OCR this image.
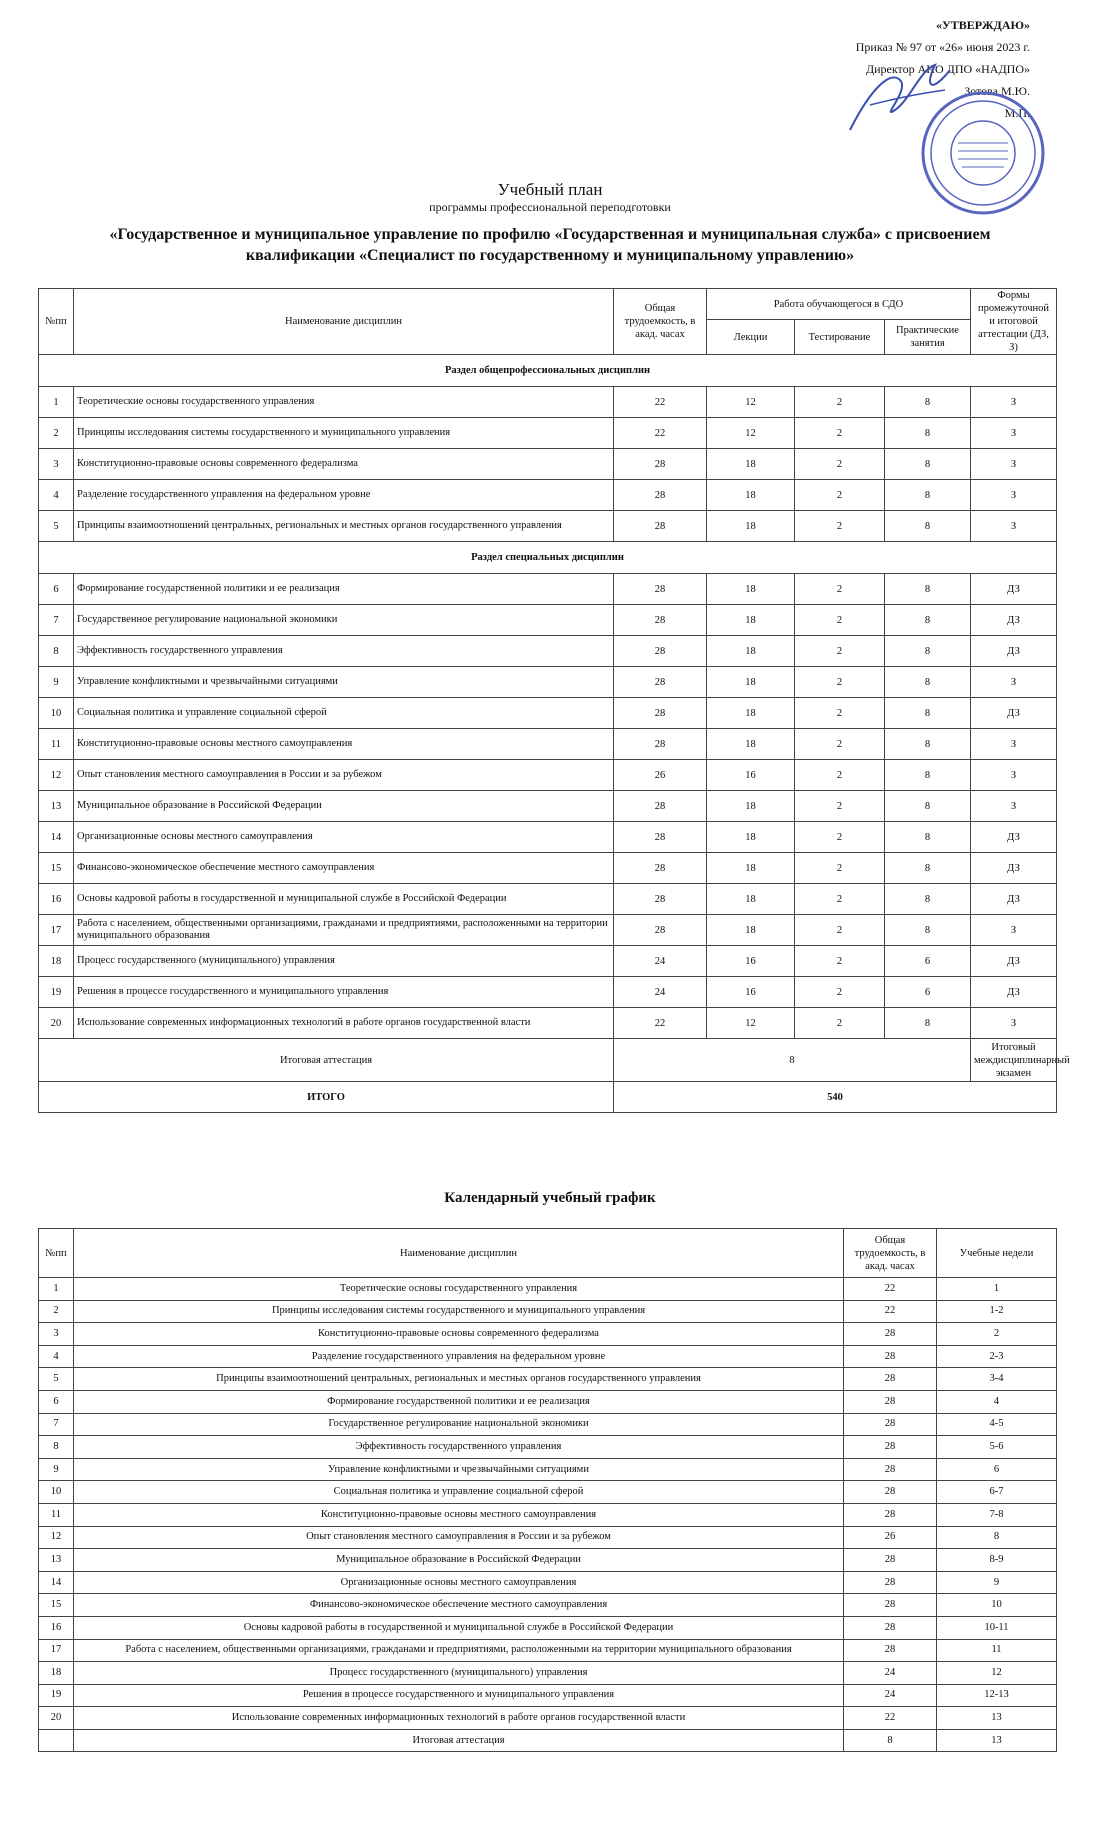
«УТВЕРЖДАЮ»
Приказ № 97 от «26» июня 2023 г.
Директор АНО ДПО «НАДПО»
Зотова М.Ю.
М.П.
Учебный план
программы профессиональной переподготовки
«Государственное и муниципальное управление по профилю «Государственная и муниципальная служба» с присвоением квалификации «Специалист по государственному и муниципальному управлению»
№пп	Наименование дисциплин	Общая трудоемкость, в акад. часах	Работа обучающегося в СДО			Формы промежуточной и итоговой аттестации (ДЗ, З)
			Лекции	Тестирование	Практические занятия	
Раздел общепрофессиональных дисциплин						
1	Теоретические основы государственного управления	22	12	2	8	З
2	Принципы исследования системы государственного и муниципального управления	22	12	2	8	З
3	Конституционно-правовые основы современного федерализма	28	18	2	8	З
4	Разделение государственного управления на федеральном уровне	28	18	2	8	З
5	Принципы взаимоотношений центральных, региональных и местных органов государственного управления	28	18	2	8	З
Раздел специальных дисциплин						
6	Формирование государственной политики и ее реализация	28	18	2	8	ДЗ
7	Государственное регулирование национальной экономики	28	18	2	8	ДЗ
8	Эффективность государственного управления	28	18	2	8	ДЗ
9	Управление конфликтными и чрезвычайными ситуациями	28	18	2	8	З
10	Социальная политика и управление социальной сферой	28	18	2	8	ДЗ
11	Конституционно-правовые основы местного самоуправления	28	18	2	8	З
12	Опыт становления местного самоуправления в России и за рубежом	26	16	2	8	З
13	Муниципальное образование в Российской Федерации	28	18	2	8	З
14	Организационные основы местного самоуправления	28	18	2	8	ДЗ
15	Финансово-экономическое обеспечение местного самоуправления	28	18	2	8	ДЗ
16	Основы кадровой работы в государственной и муниципальной службе в Российской Федерации	28	18	2	8	ДЗ
17	Работа с населением, общественными организациями, гражданами и предприятиями, расположенными на территории муниципального образования	28	18	2	8	З
18	Процесс государственного (муниципального) управления	24	16	2	6	ДЗ
19	Решения в процессе государственного и муниципального управления	24	16	2	6	ДЗ
20	Использование современных информационных технологий в работе органов государственной власти	22	12	2	8	З
Итоговая аттестация		8				Итоговый междисциплинарный экзамен
ИТОГО		540				
Календарный учебный график
№пп	Наименование дисциплин	Общая трудоемкость, в акад. часах	Учебные недели
1	Теоретические основы государственного управления	22	1
2	Принципы исследования системы государственного и муниципального управления	22	1-2
3	Конституционно-правовые основы современного федерализма	28	2
4	Разделение государственного управления на федеральном уровне	28	2-3
5	Принципы взаимоотношений центральных, региональных и местных органов государственного управления	28	3-4
6	Формирование государственной политики и ее реализация	28	4
7	Государственное регулирование национальной экономики	28	4-5
8	Эффективность государственного управления	28	5-6
9	Управление конфликтными и чрезвычайными ситуациями	28	6
10	Социальная политика и управление социальной сферой	28	6-7
11	Конституционно-правовые основы местного самоуправления	28	7-8
12	Опыт становления местного самоуправления в России и за рубежом	26	8
13	Муниципальное образование в Российской Федерации	28	8-9
14	Организационные основы местного самоуправления	28	9
15	Финансово-экономическое обеспечение местного самоуправления	28	10
16	Основы кадровой работы в государственной и муниципальной службе в Российской Федерации	28	10-11
17	Работа с населением, общественными организациями, гражданами и предприятиями, расположенными на территории муниципального образования	28	11
18	Процесс государственного (муниципального) управления	24	12
19	Решения в процессе государственного и муниципального управления	24	12-13
20	Использование современных информационных технологий в работе органов государственной власти	22	13
	Итоговая аттестация	8	13
